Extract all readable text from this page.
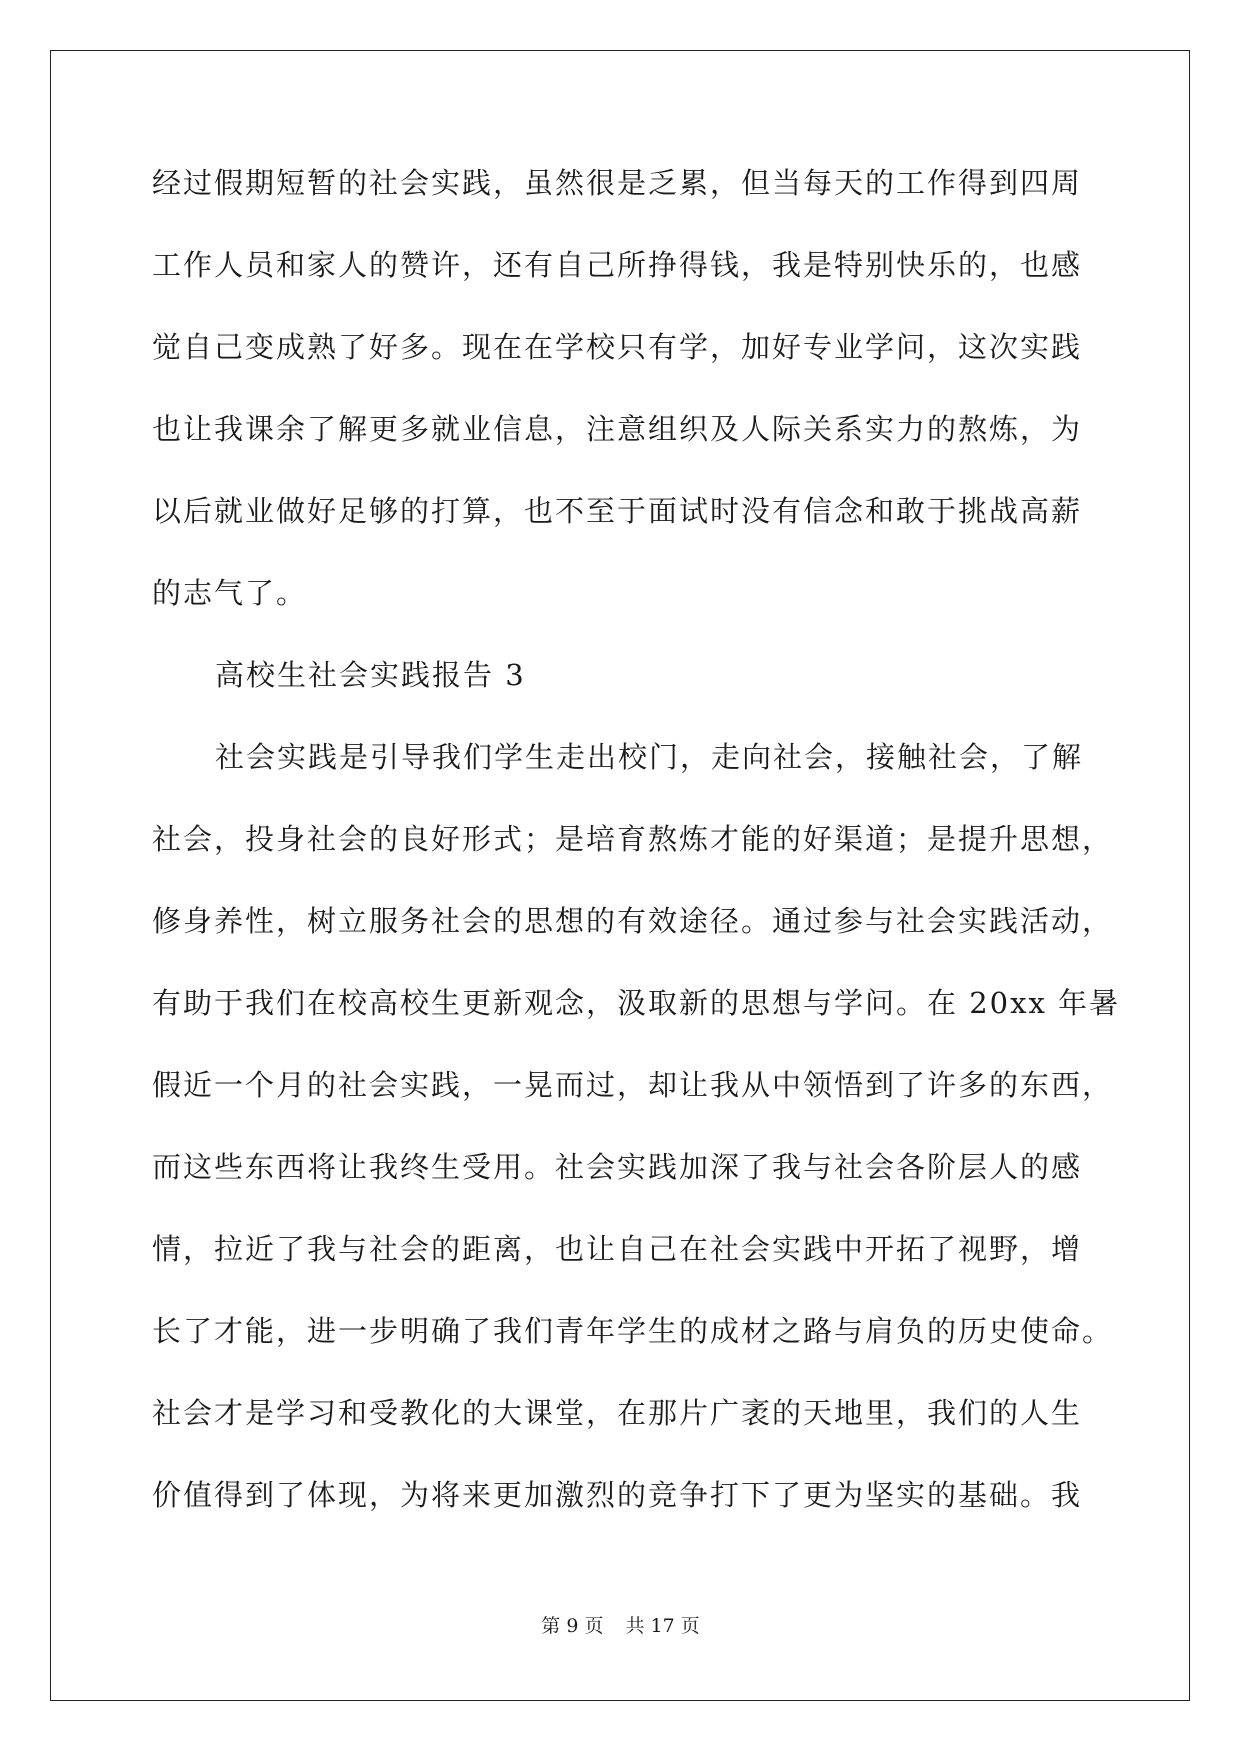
经过假期短暂的社会实践，虽然很是乏累，但当每天的工作得到四周
工作人员和家人的赞许，还有自己所挣得钱，我是特别快乐的，也感
觉自己变成熟了好多。现在在学校只有学，加好专业学问，这次实践
也让我课余了解更多就业信息，注意组织及人际关系实力的熬炼，为
以后就业做好足够的打算，也不至于面试时没有信念和敢于挑战高薪
的志气了。
高校生社会实践报告 3
社会实践是引导我们学生走出校门，走向社会，接触社会，了解
社会，投身社会的良好形式；是培育熬炼才能的好渠道；是提升思想，
修身养性，树立服务社会的思想的有效途径。通过参与社会实践活动，
有助于我们在校高校生更新观念，汲取新的思想与学问。在 20xx 年暑
假近一个月的社会实践，一晃而过，却让我从中领悟到了许多的东西，
而这些东西将让我终生受用。社会实践加深了我与社会各阶层人的感
情，拉近了我与社会的距离，也让自己在社会实践中开拓了视野，增
长了才能，进一步明确了我们青年学生的成材之路与肩负的历史使命。
社会才是学习和受教化的大课堂，在那片广袤的天地里，我们的人生
价值得到了体现，为将来更加激烈的竞争打下了更为坚实的基础。我
第 9 页 共 17 页
